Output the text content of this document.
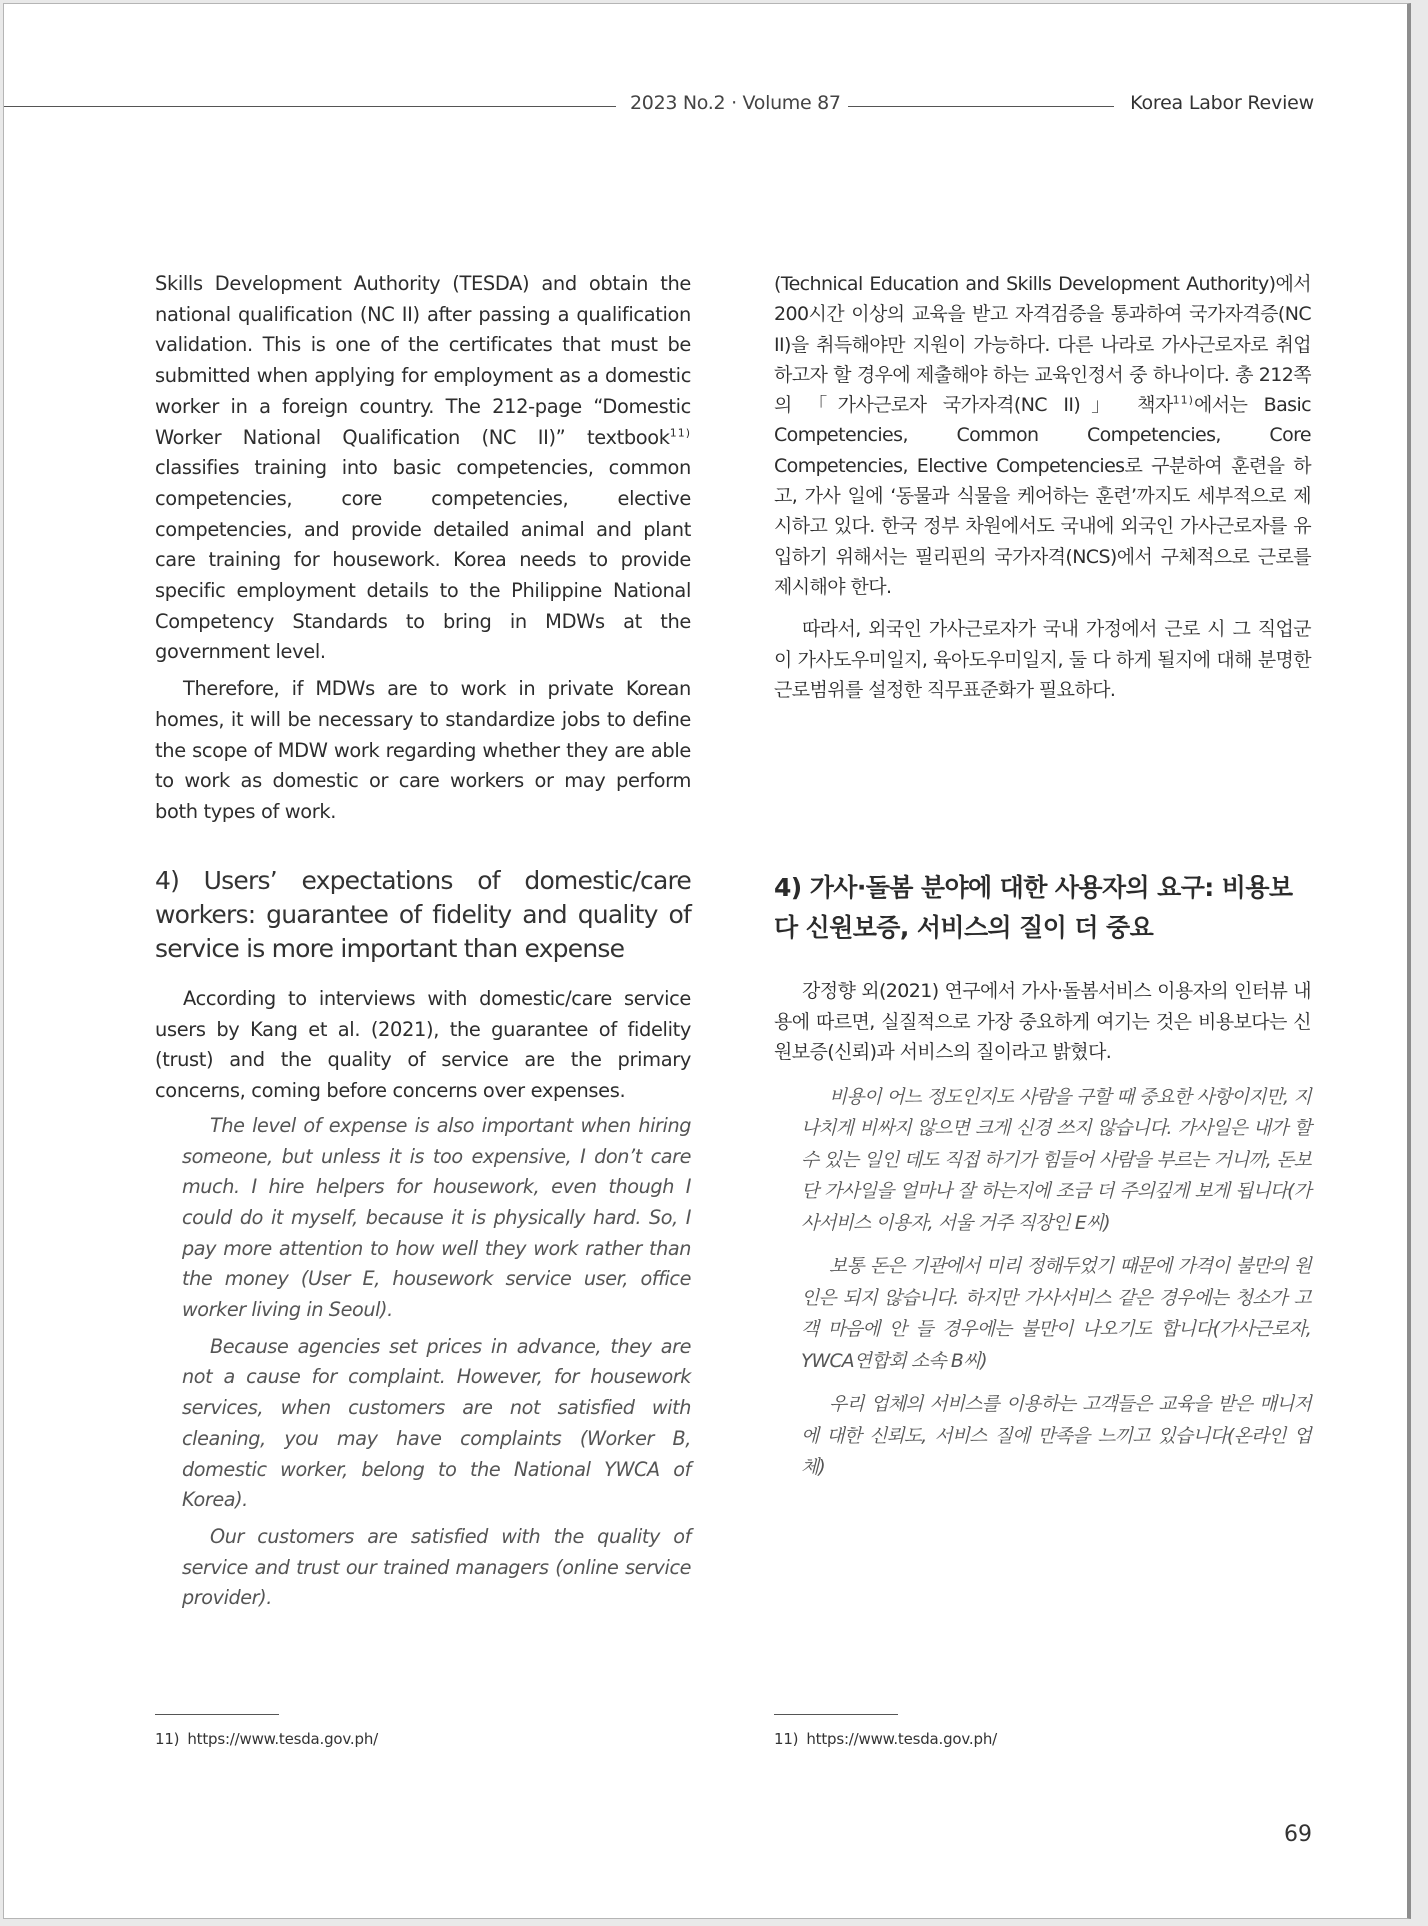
2023 No.2 · Volume 87	Korea Labor Review

Skills Development Authority (TESDA) and obtain the national qualification (NC II) after passing a qualification validation. This is one of the certificates that must be submitted when applying for employment as a domestic worker in a foreign country. The 212-page “Domestic Worker National Qualification (NC II)” textbook$^{11)}$ classifies training into basic competencies, common competencies, core competencies, elective competencies, and provide detailed animal and plant care training for housework. Korea needs to provide specific employment details to the Philippine National Competency Standards to bring in MDWs at the government level.

Therefore, if MDWs are to work in private Korean homes, it will be necessary to standardize jobs to define the scope of MDW work regarding whether they are able to work as domestic or care workers or may perform both types of work.

(Technical Education and Skills Development Authority)에서 200시간 이상의 교육을 받고 자격검증을 통과하여 국가자격증(NC II)을 취득해야만 지원이 가능하다. 다른 나라로 가사근로자로 취업하고자 할 경우에 제출해야 하는 교육인정서 중 하나이다. 총 212쪽의 「가사근로자 국가자격(NC II)」 책자$^{11)}$에서는 Basic Competencies, Common Competencies, Core Competencies, Elective Competencies로 구분하여 훈련을 하고, 가사 일에 ‘동물과 식물을 케어하는 훈련’까지도 세부적으로 제시하고 있다. 한국 정부 차원에서도 국내에 외국인 가사근로자를 유입하기 위해서는 필리핀의 국가자격(NCS)에서 구체적으로 근로를 제시해야 한다.

따라서, 외국인 가사근로자가 국내 가정에서 근로 시 그 직업군이 가사도우미일지, 육아도우미일지, 둘 다 하게 될지에 대해 분명한 근로범위를 설정한 직무표준화가 필요하다.

4) Users’ expectations of domestic/care workers: guarantee of fidelity and quality of service is more important than expense
4) 가사·돌봄 분야에 대한 사용자의 요구: 비용보다 신원보증, 서비스의 질이 더 중요

According to interviews with domestic/care service users by Kang et al. (2021), the guarantee of fidelity (trust) and the quality of service are the primary concerns, coming before concerns over expenses.

The level of expense is also important when hiring someone, but unless it is too expensive, I don’t care much. I hire helpers for housework, even though I could do it myself, because it is physically hard. So, I pay more attention to how well they work rather than the money (User E, housework service user, office worker living in Seoul).

Because agencies set prices in advance, they are not a cause for complaint. However, for housework services, when customers are not satisfied with cleaning, you may have complaints (Worker B, domestic worker, belong to the National YWCA of Korea).

Our customers are satisfied with the quality of service and trust our trained managers (online service provider).

강정향 외(2021) 연구에서 가사·돌봄서비스 이용자의 인터뷰 내용에 따르면, 실질적으로 가장 중요하게 여기는 것은 비용보다는 신원보증(신뢰)과 서비스의 질이라고 밝혔다.

비용이 어느 정도인지도 사람을 구할 때 중요한 사항이지만, 지나치게 비싸지 않으면 크게 신경 쓰지 않습니다. 가사일은 내가 할 수 있는 일인 데도 직접 하기가 힘들어 사람을 부르는 거니까, 돈보단 가사일을 얼마나 잘 하는지에 조금 더 주의깊게 보게 됩니다(가사서비스 이용자, 서울 거주 직장인 E씨)

보통 돈은 기관에서 미리 정해두었기 때문에 가격이 불만의 원인은 되지 않습니다. 하지만 가사서비스 같은 경우에는 청소가 고객 마음에 안 들 경우에는 불만이 나오기도 합니다(가사근로자, YWCA연합회 소속 B씨)

우리 업체의 서비스를 이용하는 고객들은 교육을 받은 매니저에 대한 신뢰도, 서비스 질에 만족을 느끼고 있습니다(온라인 업체)

11) https://www.tesda.gov.ph/	11) https://www.tesda.gov.ph/
69
